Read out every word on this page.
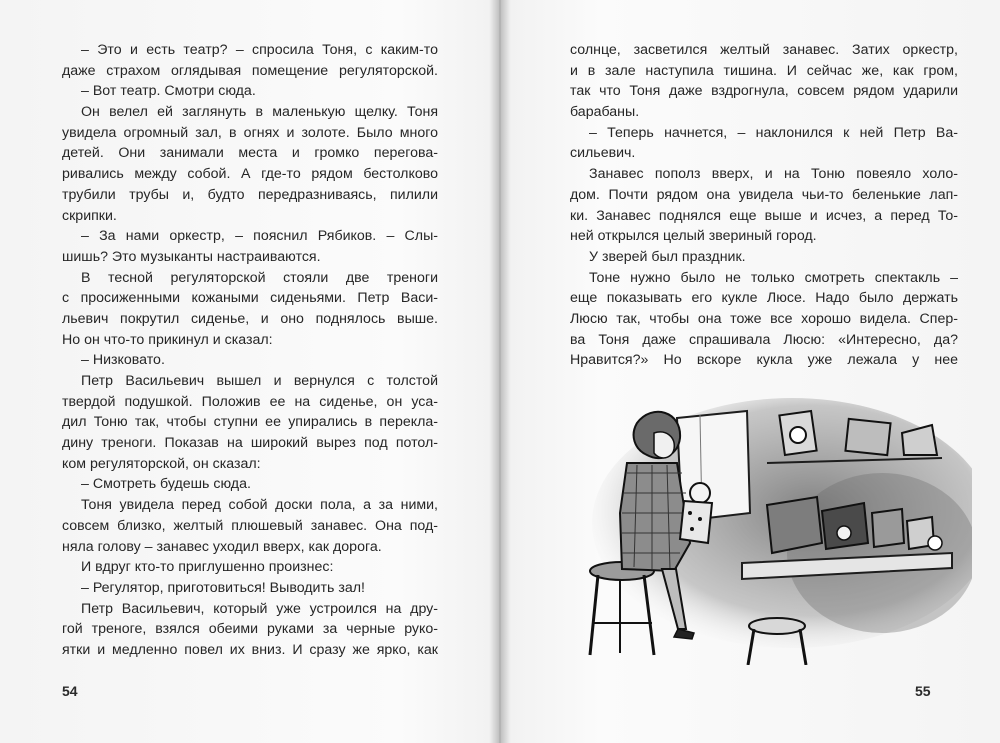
– Это и есть театр? – спросила Тоня, с каким-то
даже страхом оглядывая помещение регуляторской.
– Вот театр. Смотри сюда.
Он велел ей заглянуть в маленькую щелку. Тоня
увидела огромный зал, в огнях и золоте. Было много
детей. Они занимали места и громко перегова-
ривались между собой. А где-то рядом бестолково
трубили трубы и, будто передразниваясь, пилили
скрипки.
– За нами оркестр, – пояснил Рябиков. – Слы-
шишь? Это музыканты настраиваются.
В тесной регуляторской стояли две треноги
с просиженными кожаными сиденьями. Петр Васи-
льевич покрутил сиденье, и оно поднялось выше.
Но он что-то прикинул и сказал:
– Низковато.
Петр Васильевич вышел и вернулся с толстой
твердой подушкой. Положив ее на сиденье, он уса-
дил Тоню так, чтобы ступни ее упирались в перекла-
дину треноги. Показав на широкий вырез под потол-
ком регуляторской, он сказал:
– Смотреть будешь сюда.
Тоня увидела перед собой доски пола, а за ними,
совсем близко, желтый плюшевый занавес. Она под-
няла голову – занавес уходил вверх, как дорога.
И вдруг кто-то приглушенно произнес:
– Регулятор, приготовиться! Выводить зал!
Петр Васильевич, который уже устроился на дру-
гой треноге, взялся обеими руками за черные руко-
ятки и медленно повел их вниз. И сразу же ярко, как
54
солнце, засветился желтый занавес. Затих оркестр,
и в зале наступила тишина. И сейчас же, как гром,
так что Тоня даже вздрогнула, совсем рядом ударили
барабаны.
– Теперь начнется, – наклонился к ней Петр Ва-
сильевич.
Занавес пополз вверх, и на Тоню повеяло холо-
дом. Почти рядом она увидела чьи-то беленькие лап-
ки. Занавес поднялся еще выше и исчез, а перед То-
ней открылся целый звериный город.
У зверей был праздник.
Тоне нужно было не только смотреть спектакль –
еще показывать его кукле Люсе. Надо было держать
Люсю так, чтобы она тоже все хорошо видела. Спер-
ва Тоня даже спрашивала Люсю: «Интересно, да?
Нравится?» Но вскоре кукла уже лежала у нее
55
